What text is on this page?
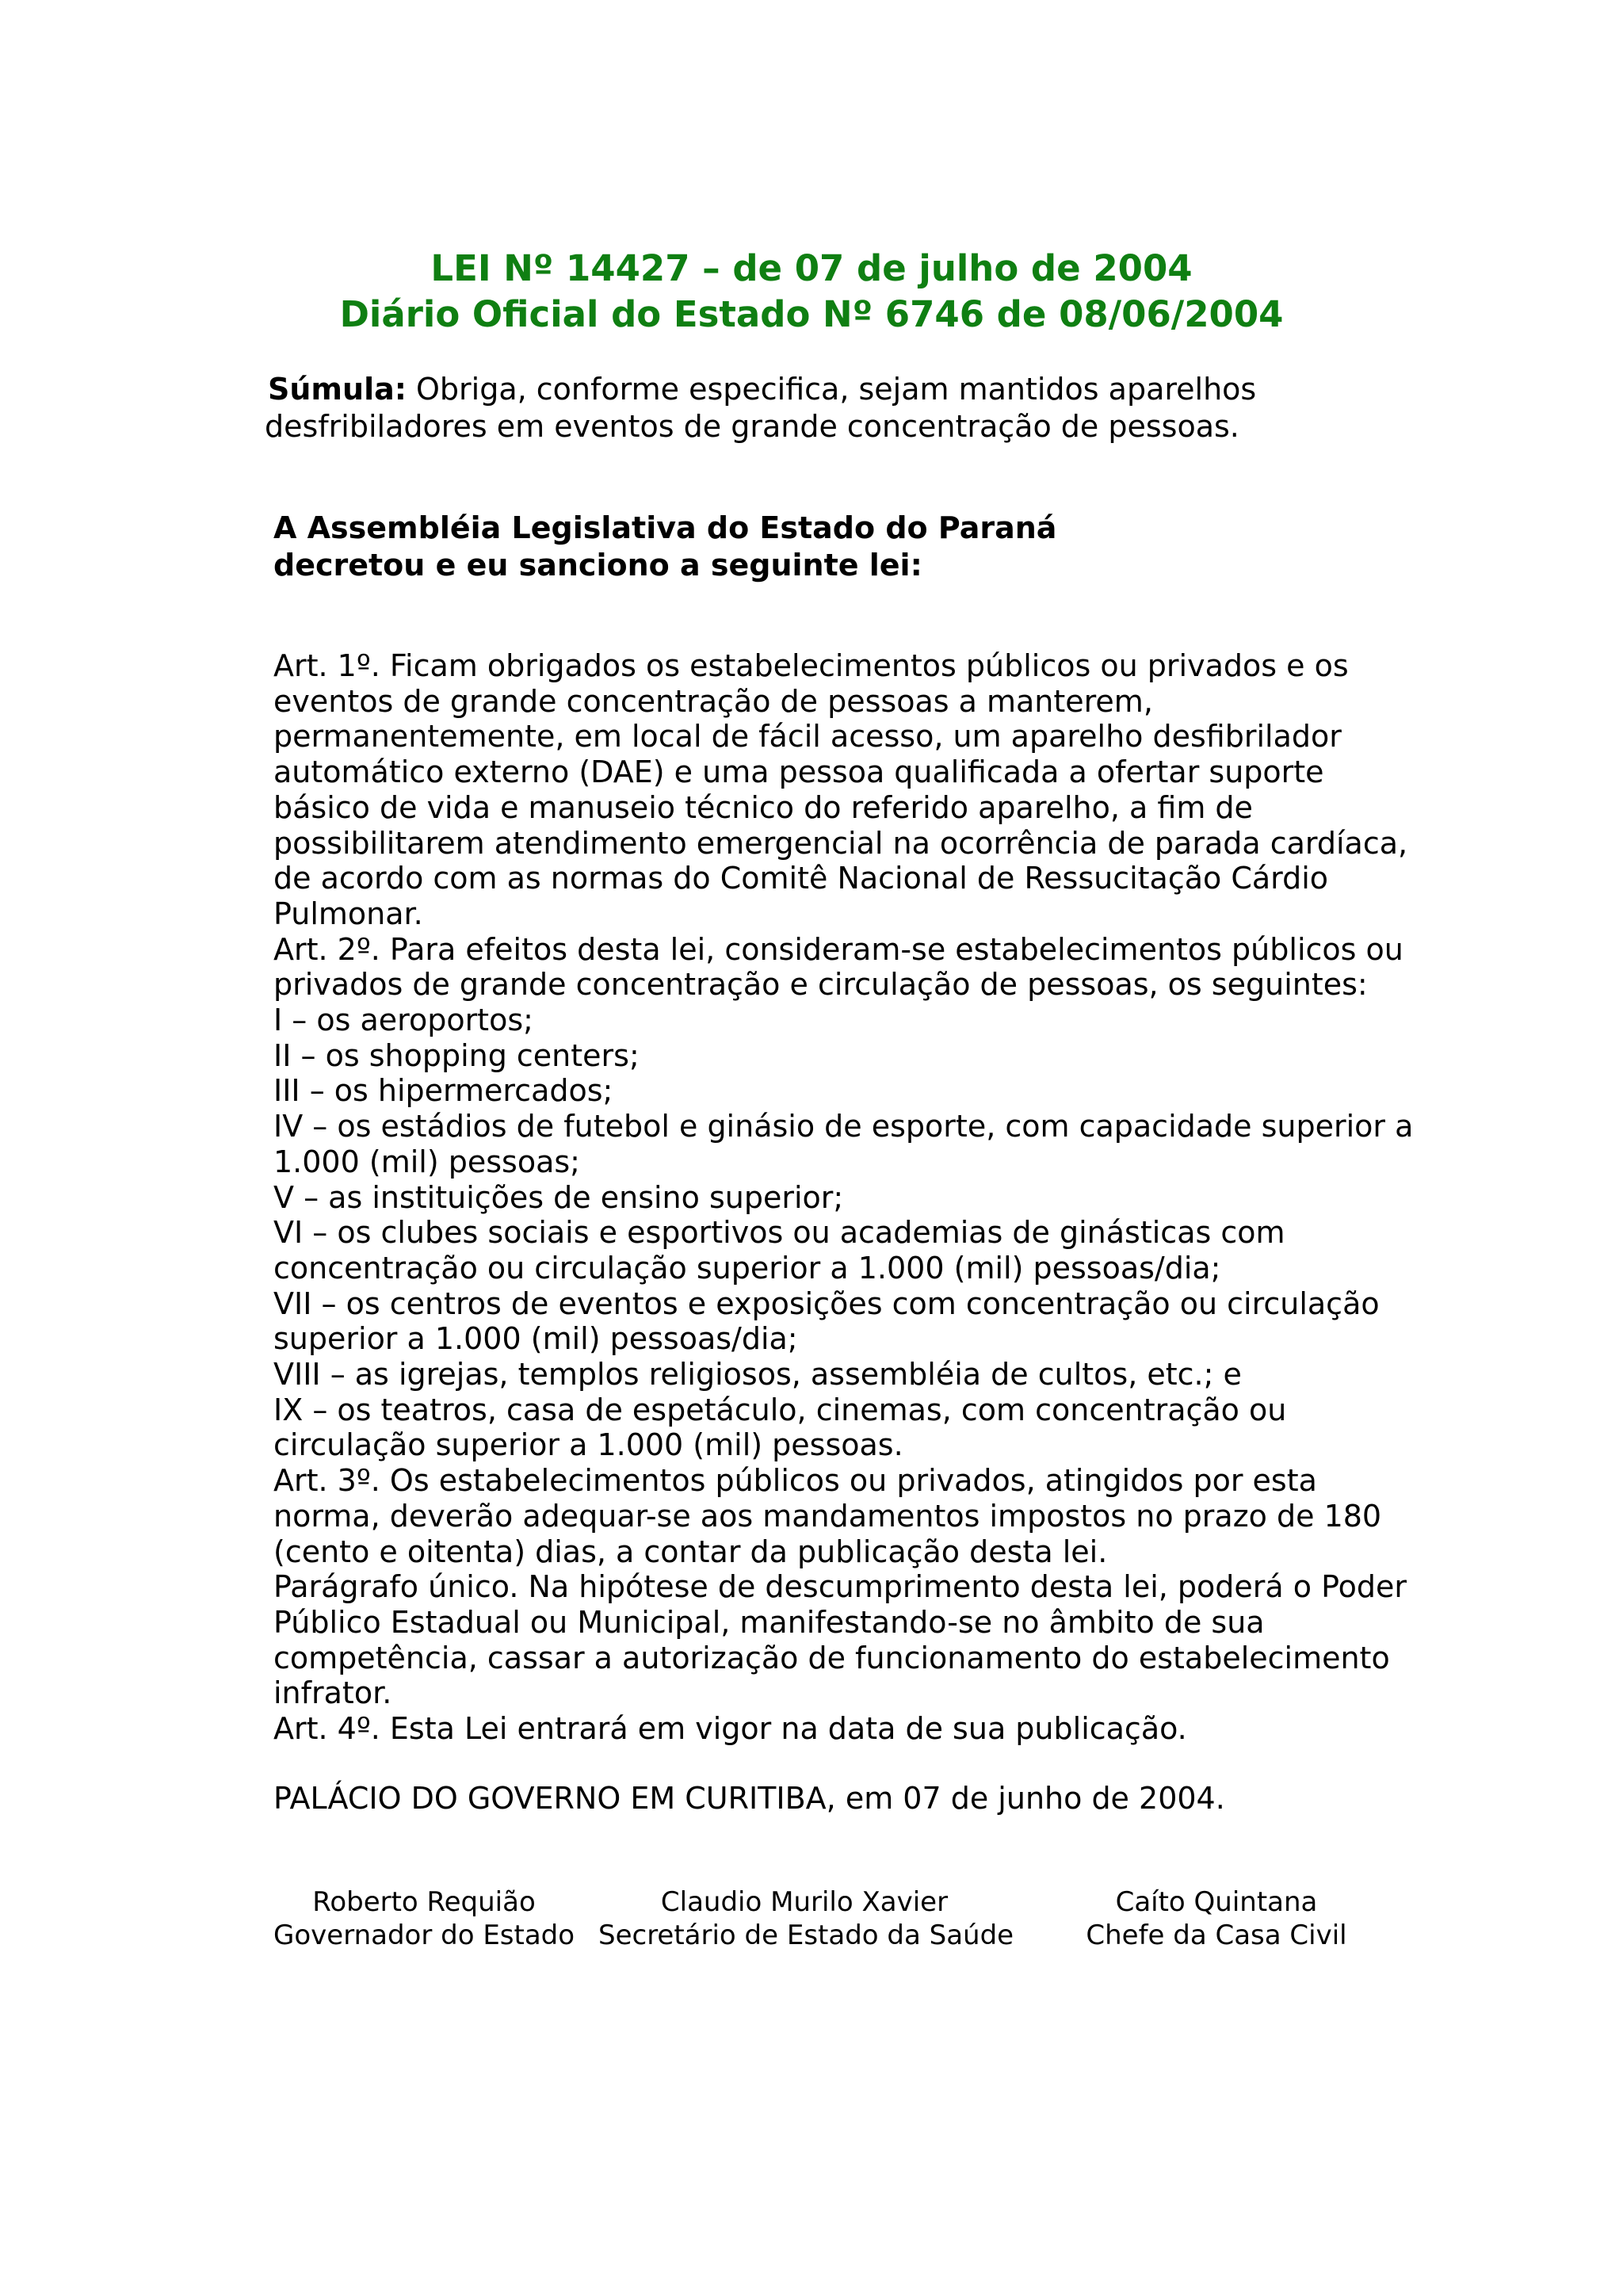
LEI Nº 14427 – de 07 de julho de 2004
Diário Oficial do Estado Nº 6746 de 08/06/2004
Súmula: Obriga, conforme especifica, sejam mantidos aparelhos
desfribiladores em eventos de grande concentração de pessoas.
A Assembléia Legislativa do Estado do Paraná
decretou e eu sanciono a seguinte lei:
Art. 1º. Ficam obrigados os estabelecimentos públicos ou privados e os
eventos de grande concentração de pessoas a manterem,
permanentemente, em local de fácil acesso, um aparelho desfibrilador
automático externo (DAE) e uma pessoa qualificada a ofertar suporte
básico de vida e manuseio técnico do referido aparelho, a fim de
possibilitarem atendimento emergencial na ocorrência de parada cardíaca,
de acordo com as normas do Comitê Nacional de Ressucitação Cárdio
Pulmonar.
Art. 2º. Para efeitos desta lei, consideram-se estabelecimentos públicos ou
privados de grande concentração e circulação de pessoas, os seguintes:
I – os aeroportos;
II – os shopping centers;
III – os hipermercados;
IV – os estádios de futebol e ginásio de esporte, com capacidade superior a
1.000 (mil) pessoas;
V – as instituições de ensino superior;
VI – os clubes sociais e esportivos ou academias de ginásticas com
concentração ou circulação superior a 1.000 (mil) pessoas/dia;
VII – os centros de eventos e exposições com concentração ou circulação
superior a 1.000 (mil) pessoas/dia;
VIII – as igrejas, templos religiosos, assembléia de cultos, etc.; e
IX – os teatros, casa de espetáculo, cinemas, com concentração ou
circulação superior a 1.000 (mil) pessoas.
Art. 3º. Os estabelecimentos públicos ou privados, atingidos por esta
norma, deverão adequar-se aos mandamentos impostos no prazo de 180
(cento e oitenta) dias, a contar da publicação desta lei.
Parágrafo único. Na hipótese de descumprimento desta lei, poderá o Poder
Público Estadual ou Municipal, manifestando-se no âmbito de sua
competência, cassar a autorização de funcionamento do estabelecimento
infrator.
Art. 4º. Esta Lei entrará em vigor na data de sua publicação.
PALÁCIO DO GOVERNO EM CURITIBA, em 07 de junho de 2004.
Roberto Requião
Governador do Estado
Claudio Murilo Xavier
Secretário de Estado da Saúde
Caíto Quintana
Chefe da Casa Civil
